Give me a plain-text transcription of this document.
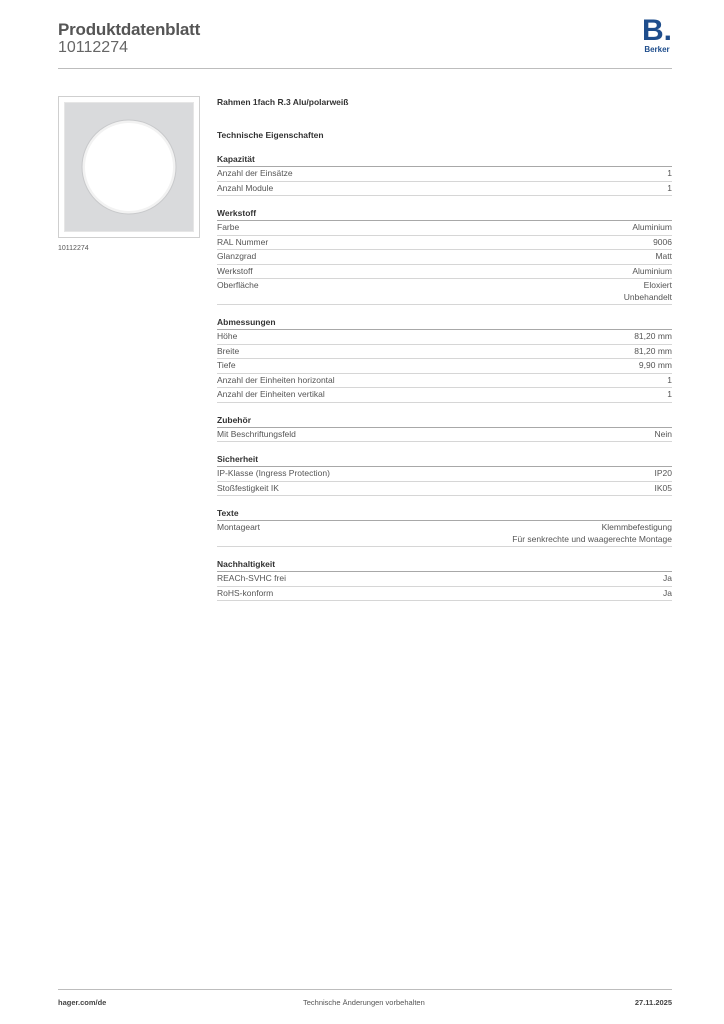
Produktdatenblatt
10112274
B.
Berker
10112274
Rahmen 1fach R.3 Alu/polarweiß
Technische Eigenschaften
Kapazität
Anzahl der Einsätze	1
Anzahl Module	1
Werkstoff
Farbe	Aluminium
RAL Nummer	9006
Glanzgrad	Matt
Werkstoff	Aluminium
Oberfläche	Eloxiert
Unbehandelt
Abmessungen
Höhe	81,20 mm
Breite	81,20 mm
Tiefe	9,90 mm
Anzahl der Einheiten horizontal	1
Anzahl der Einheiten vertikal	1
Zubehör
Mit Beschriftungsfeld	Nein
Sicherheit
IP-Klasse (Ingress Protection)	IP20
Stoßfestigkeit IK	IK05
Texte
Montageart	Klemmbefestigung
Für senkrechte und waagerechte Montage
Nachhaltigkeit
REACh-SVHC frei	Ja
RoHS-konform	Ja
hager.com/de	Technische Änderungen vorbehalten	27.11.2025
